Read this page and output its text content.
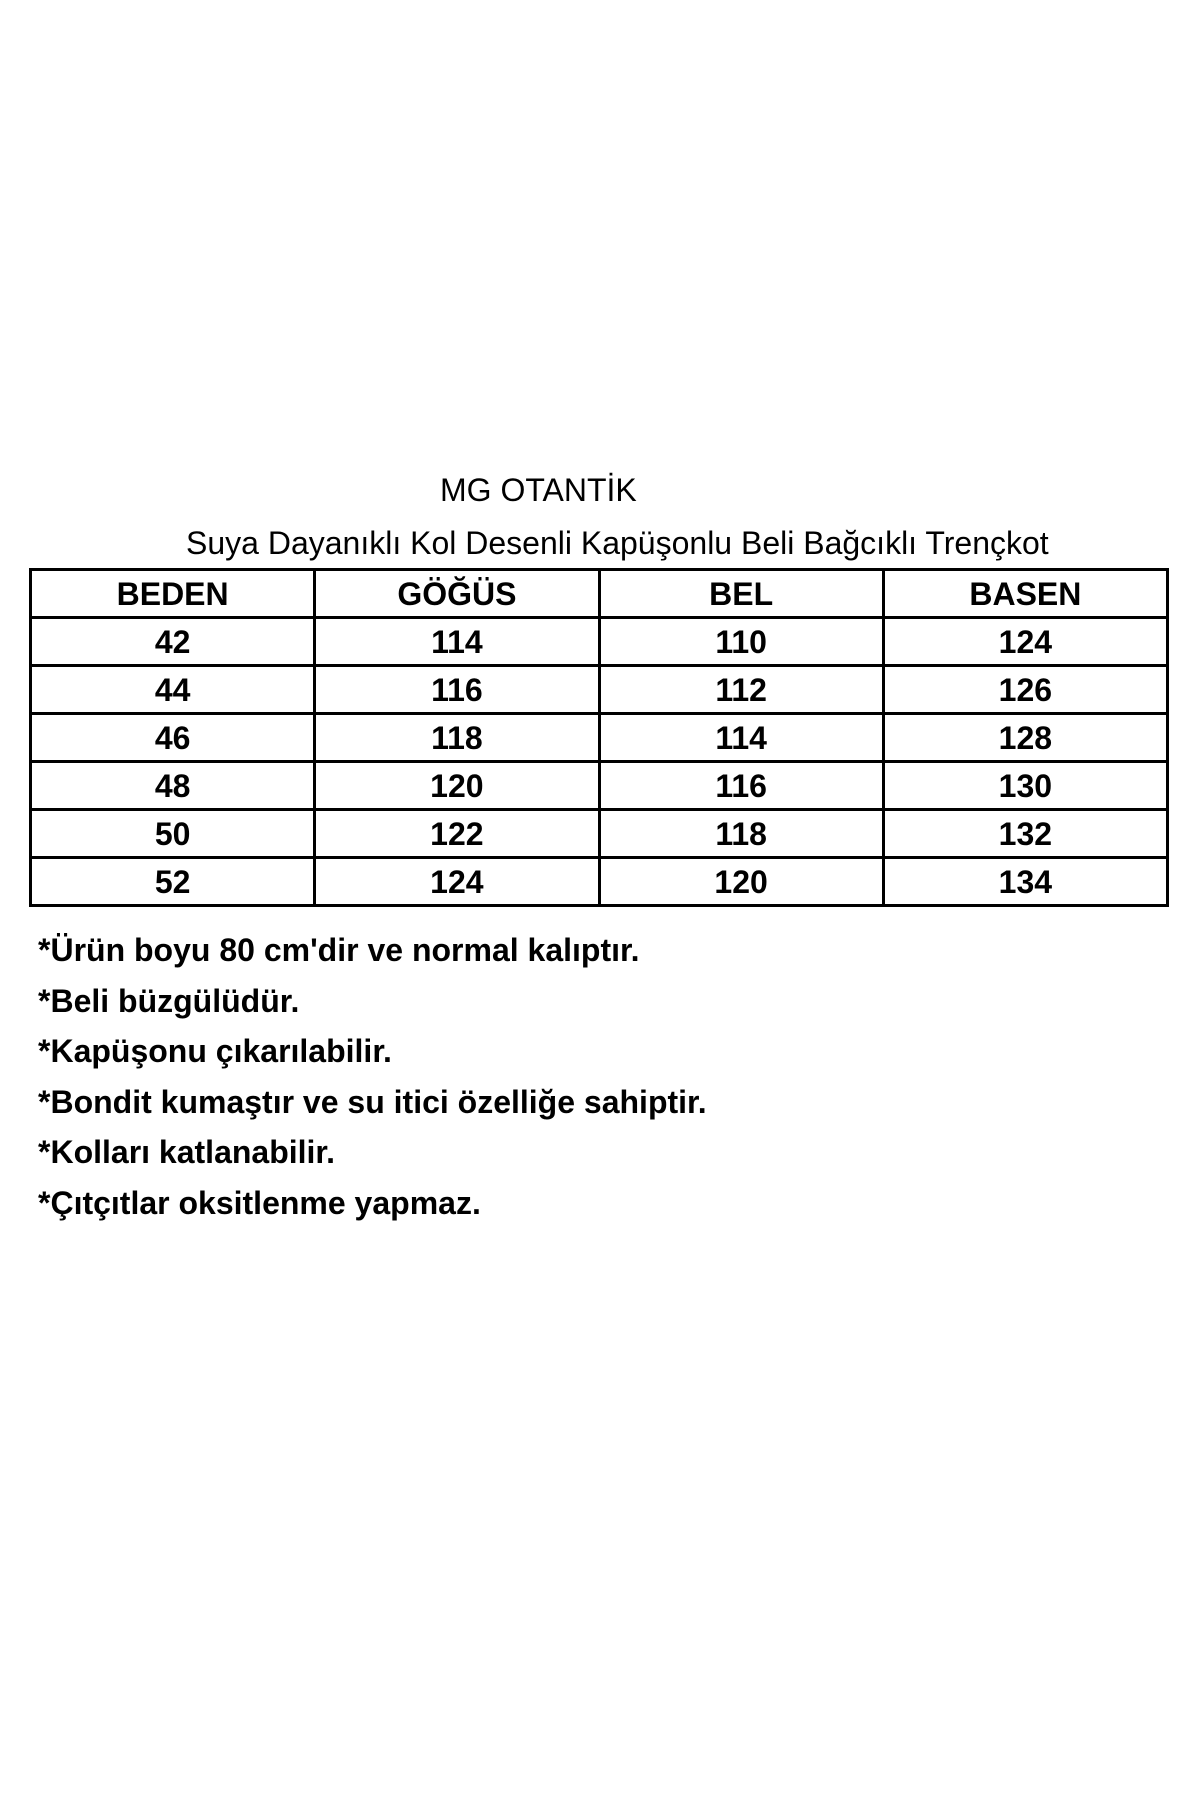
MG OTANTİK
Suya Dayanıklı Kol Desenli Kapüşonlu Beli Bağcıklı Trençkot
BEDEN	GÖĞÜS	BEL	BASEN
42	114	110	124
44	116	112	126
46	118	114	128
48	120	116	130
50	122	118	132
52	124	120	134
*Ürün boyu 80 cm'dir ve normal kalıptır.
*Beli büzgülüdür.
*Kapüşonu çıkarılabilir.
*Bondit kumaştır ve su itici özelliğe sahiptir.
*Kolları katlanabilir.
*Çıtçıtlar oksitlenme yapmaz.
